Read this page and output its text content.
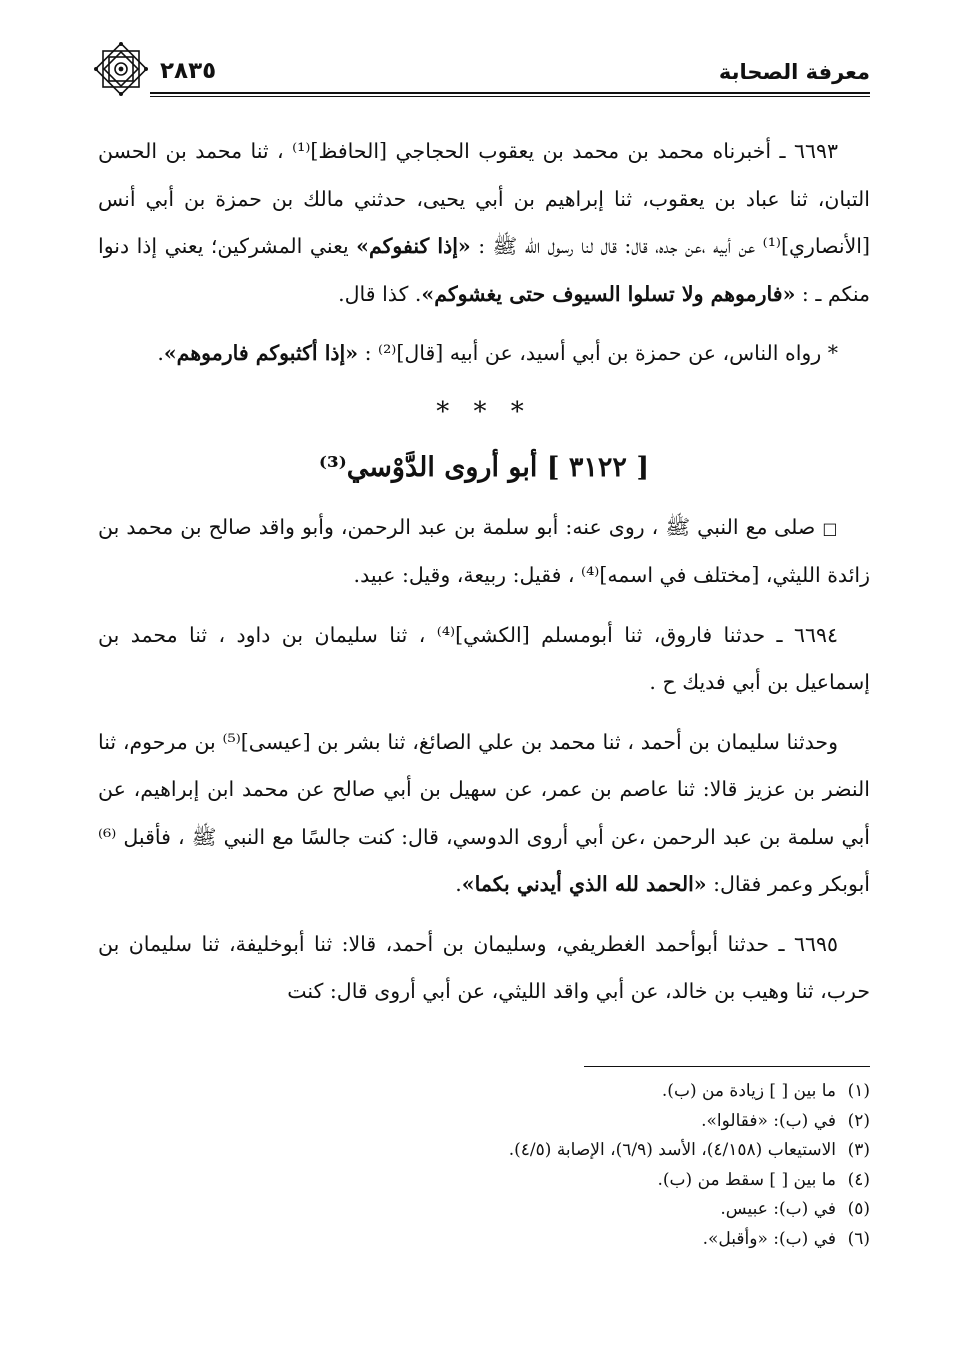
معرفة الصحابة
٢٨٣٥

٦٦٩٣ ـ أخبرناه محمد بن محمد بن يعقوب الحجاجي [الحافظ]⁽¹⁾ ، ثنا محمد بن الحسن التبان، ثنا عباد بن يعقوب، ثنا إبراهيم بن أبي يحيى، حدثني مالك بن حمزة بن أبي أنس [الأنصاري]⁽¹⁾ عن أبيه ،عن جده، قال: قال لنا رسول الله ﷺ : «إذا كنفوكم» يعني المشركين؛ يعني إذا دنوا منكم ـ : «فارموهم ولا تسلوا السيوف حتى يغشوكم». كذا قال.

* رواه الناس، عن حمزة بن أبي أسيد، عن أبيه [قال]⁽²⁾ : «إذا أكثبوكم فارموهم».

* * *
[ ٣١٢٢ ] أبو أروى الدَّوْسي⁽³⁾

□ صلى مع النبي ﷺ ، روى عنه: أبو سلمة بن عبد الرحمن، وأبو واقد صالح بن محمد بن زائدة الليثي، [مختلف في اسمه]⁽⁴⁾ ، فقيل: ربيعة، وقيل: عبيد.

٦٦٩٤ ـ حدثنا فاروق، ثنا أبومسلم [الكشي]⁽⁴⁾ ، ثنا سليمان بن داود ، ثنا محمد بن إسماعيل بن أبي فديك ح .

وحدثنا سليمان بن أحمد ، ثنا محمد بن علي الصائغ، ثنا بشر بن [عيسى]⁽⁵⁾ بن مرحوم، ثنا النضر بن عزيز قالا: ثنا عاصم بن عمر، عن سهيل بن أبي صالح عن محمد ابن إبراهيم، عن أبي سلمة بن عبد الرحمن ،عن أبي أروى الدوسي، قال: كنت جالسًا مع النبي ﷺ ، فأقبل ⁽⁶⁾ أبوبكر وعمر فقال: «الحمد لله الذي أيدني بكما».

٦٦٩٥ ـ حدثنا أبوأحمد الغطريفي، وسليمان بن أحمد، قالا: ثنا أبوخليفة، ثنا سليمان بن حرب، ثنا وهيب بن خالد، عن أبي واقد الليثي، عن أبي أروى قال: كنت

(١)ما بين [ ] زيادة من (ب).
(٢)في (ب): «فقالوا».
(٣)الاستيعاب (٤/١٥٨)، الأسد (٦/٩)، الإصابة (٤/٥).
(٤)ما بين [ ] سقط من (ب).
(٥)في (ب): عبيس.
(٦)في (ب): «وأقبل».
